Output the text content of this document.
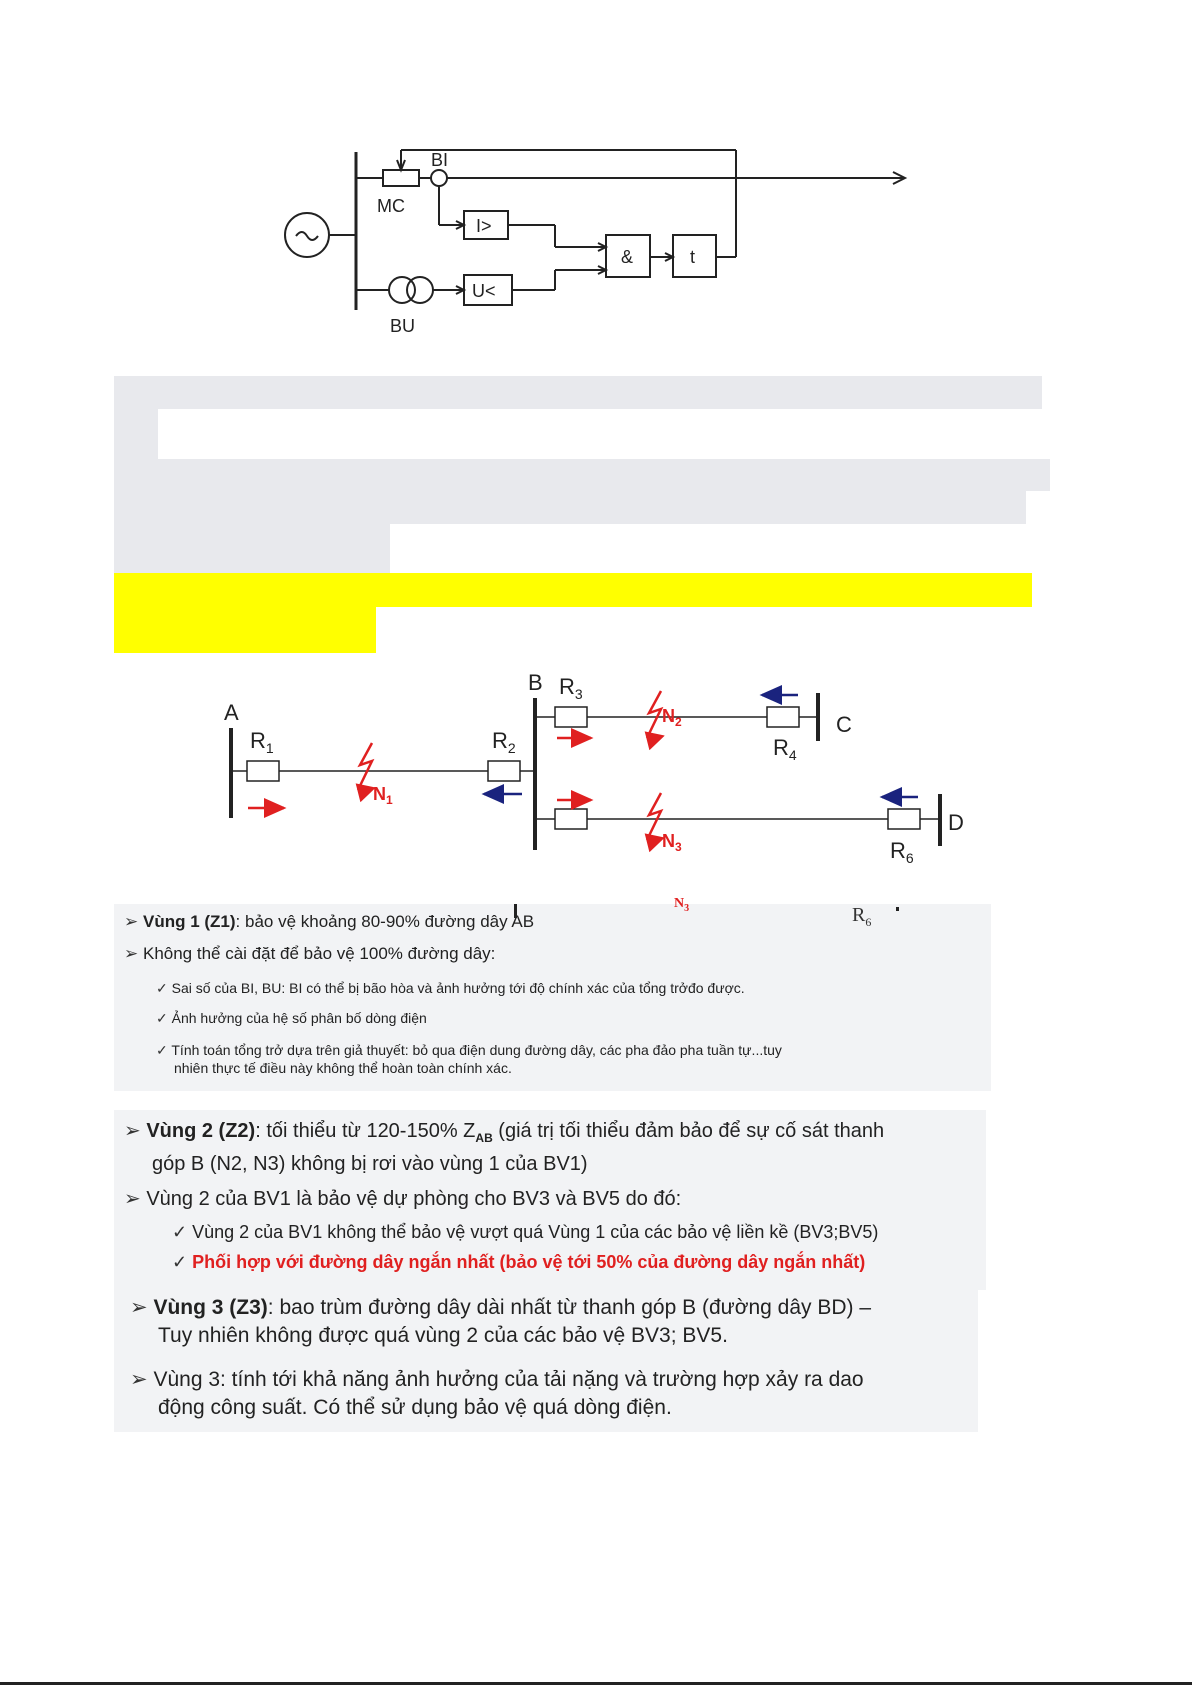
MC
BI
BU
I>
U<
&	t
A
B
C
D
$R_1$	$R_2$
$R_3$
$R_4$
$R_6$
$N_1$
$N_2$
$N_3$
$R_6$
$N_3$
➢ Vùng 1 (Z1): bảo vệ khoảng 80-90% đường dây AB
➢ Không thể cài đặt để bảo vệ 100% đường dây:
✓ Sai số của BI, BU: BI có thể bị bão hòa và ảnh hưởng tới độ chính xác của tổng trởđo được.
✓ Ảnh hưởng của hệ số phân bố dòng điện
✓ Tính toán tổng trở dựa trên giả thuyết: bỏ qua điện dung đường dây, các pha đảo pha tuần tự...tuy
nhiên thực tế điều này không thể hoàn toàn chính xác.
➢ Vùng 2 (Z2): tối thiểu từ 120-150% $Z_{AB}$ (giá trị tối thiểu đảm bảo để sự cố sát thanh
góp B (N2, N3) không bị rơi vào vùng 1 của BV1)
➢ Vùng 2 của BV1 là bảo vệ dự phòng cho BV3 và BV5 do đó:
✓ Vùng 2 của BV1 không thể bảo vệ vượt quá Vùng 1 của các bảo vệ liền kề (BV3;BV5)
✓ Phối hợp với đường dây ngắn nhất (bảo vệ tới 50% của đường dây ngắn nhất)
➢ Vùng 3 (Z3): bao trùm đường dây dài nhất từ thanh góp B (đường dây BD) –
Tuy nhiên không được quá vùng 2 của các bảo vệ BV3; BV5.
➢ Vùng 3: tính tới khả năng ảnh hưởng của tải nặng và trường hợp xảy ra dao
động công suất. Có thể sử dụng bảo vệ quá dòng điện.
